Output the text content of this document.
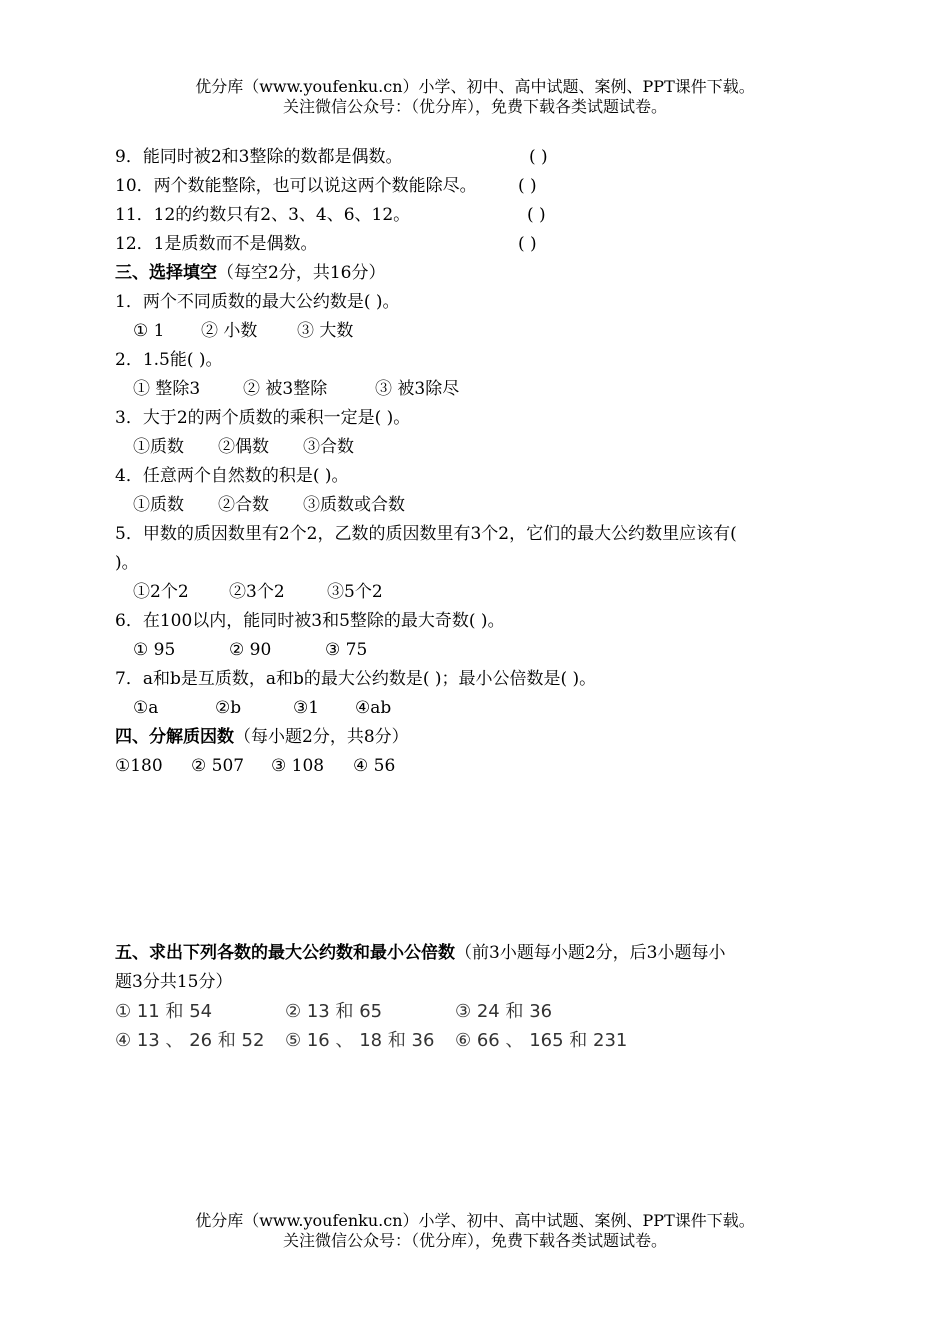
优分库（www.youfenku.cn）小学、初中、高中试题、案例、PPT课件下载。
关注微信公众号：（优分库），免费下载各类试题试卷。
9．能同时被2和3整除的数都是偶数。	( )
10．两个数能整除，也可以说这两个数能除尽。 ( )
11．12的约数只有2、3、4、6、12。	( )
12．1是质数而不是偶数。	( )
三、选择填空（每空2分，共16分）
1．两个不同质数的最大公约数是( )。
① 1 ② 小数 ③ 大数
2．1.5能( )。
① 整除3	② 被3整除	③ 被3除尽
3．大于2的两个质数的乘积一定是( )。
①质数 ②偶数 ③合数
4．任意两个自然数的积是( )。
①质数 ②合数 ③质数或合数
5．甲数的质因数里有2个2，乙数的质因数里有3个2，它们的最大公约数里应该有(
)。
①2个2 ②3个2 ③5个2
6．在100以内，能同时被3和5整除的最大奇数( )。
① 95	② 90	③ 75
7．a和b是互质数，a和b的最大公约数是( )；最小公倍数是( )。
①a	②b	③1 ④ab
四、分解质因数（每小题2分，共8分）
①180 ② 507 ③ 108 ④ 56
五、求出下列各数的最大公约数和最小公倍数（前3小题每小题2分，后3小题每小
题3分共15分）
① 11 和 54	② 13 和 65	③ 24 和 36
④ 13 、 26 和 52 ⑤ 16 、 18 和 36 ⑥ 66 、 165 和 231
优分库（www.youfenku.cn）小学、初中、高中试题、案例、PPT课件下载。
关注微信公众号：（优分库），免费下载各类试题试卷。
